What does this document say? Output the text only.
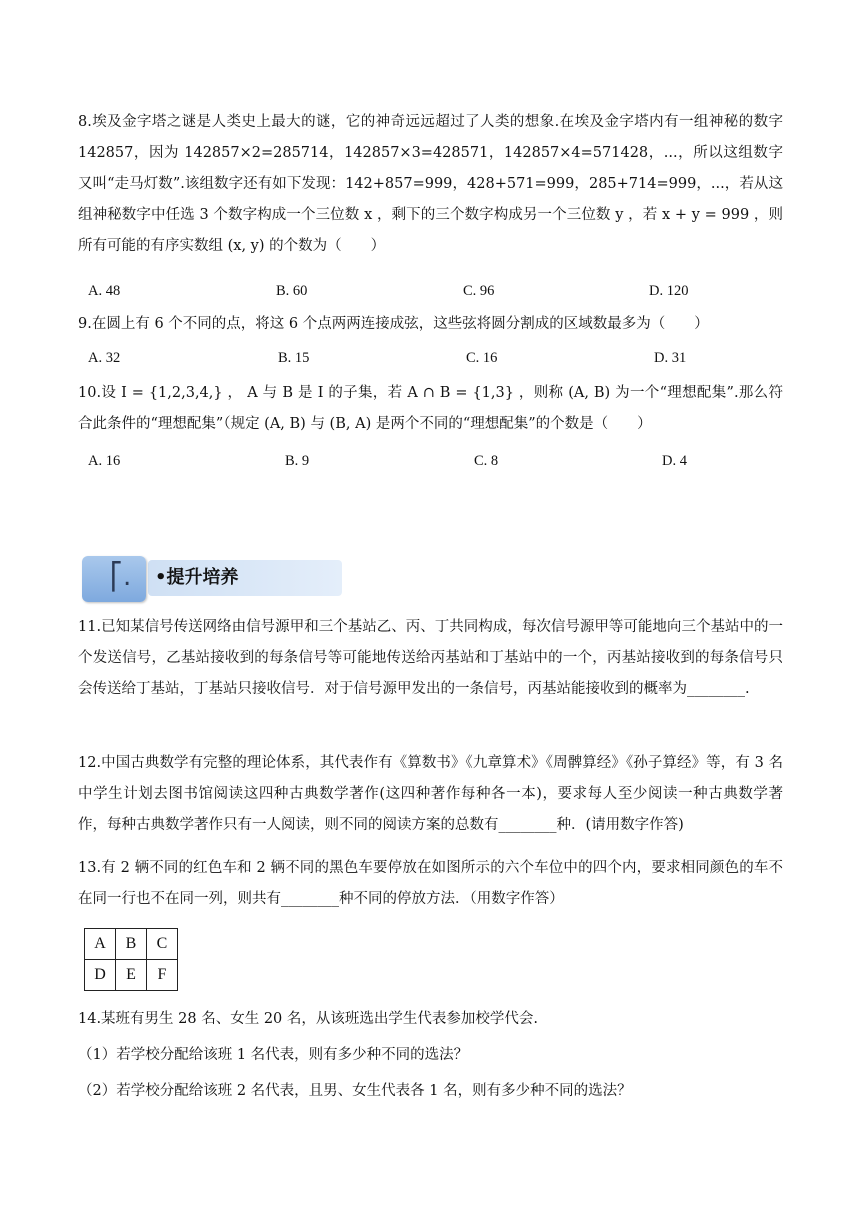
8.埃及金字塔之谜是人类史上最大的谜，它的神奇远远超过了人类的想象.在埃及金字塔内有一组神秘的数字 142857，因为 142857×2=285714，142857×3=428571，142857×4=571428，...，所以这组数字又叫“走马灯数”.该组数字还有如下发现：142+857=999，428+571=999，285+714=999，...，若从这组神秘数字中任选 3 个数字构成一个三位数 x ，剩下的三个数字构成另一个三位数 y ，若 x + y = 999 ，则所有可能的有序实数组 (x, y) 的个数为（　　）
A. 48	B. 60	C. 96	D. 120
9.在圆上有 6 个不同的点，将这 6 个点两两连接成弦，这些弦将圆分割成的区域数最多为（　　）
A. 32	B. 15	C. 16	D. 31
10.设 I = {1,2,3,4,} ， A 与 B 是 I 的子集，若 A ∩ B = {1,3} ，则称 (A, B) 为一个“理想配集”.那么符合此条件的“理想配集”（规定 (A, B) 与 (B, A) 是两个不同的“理想配集”的个数是（　　）
A. 16	B. 9	C. 8	D. 4
⎡. •提升培养
11.已知某信号传送网络由信号源甲和三个基站乙、丙、丁共同构成，每次信号源甲等可能地向三个基站中的一个发送信号，乙基站接收到的每条信号等可能地传送给丙基站和丁基站中的一个，丙基站接收到的每条信号只会传送给丁基站，丁基站只接收信号．对于信号源甲发出的一条信号，丙基站能接收到的概率为________.
12.中国古典数学有完整的理论体系，其代表作有《算数书》《九章算术》《周髀算经》《孙子算经》等，有 3 名中学生计划去图书馆阅读这四种古典数学著作(这四种著作每种各一本)，要求每人至少阅读一种古典数学著作，每种古典数学著作只有一人阅读，则不同的阅读方案的总数有________种．(请用数字作答)
13.有 2 辆不同的红色车和 2 辆不同的黑色车要停放在如图所示的六个车位中的四个内，要求相同颜色的车不在同一行也不在同一列，则共有________种不同的停放方法．（用数字作答）
A	B	C
D	E	F
14.某班有男生 28 名、女生 20 名，从该班选出学生代表参加校学代会.
（1）若学校分配给该班 1 名代表，则有多少种不同的选法？
（2）若学校分配给该班 2 名代表，且男、女生代表各 1 名，则有多少种不同的选法？
